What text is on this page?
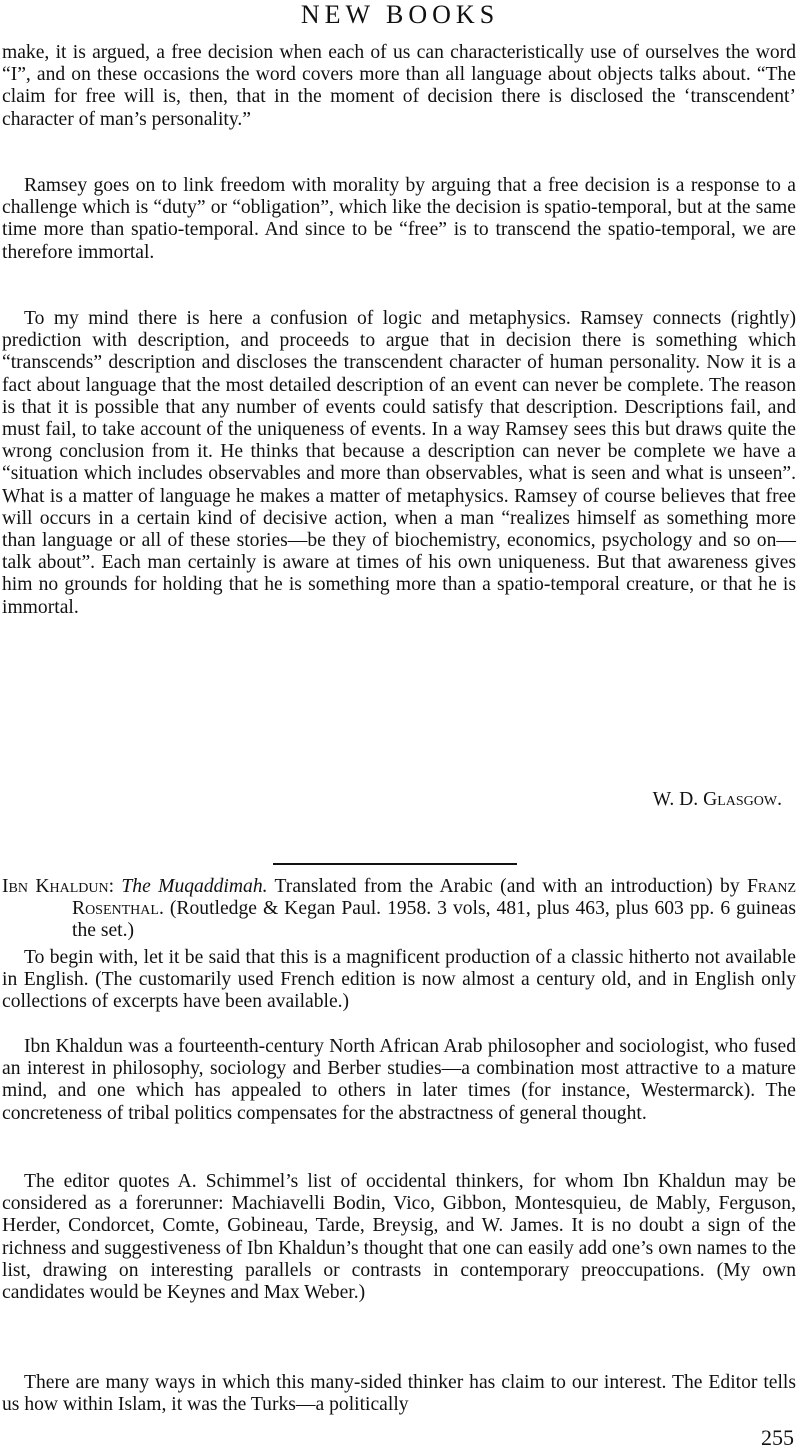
NEW BOOKS

make, it is argued, a free decision when each of us can characteristically use of ourselves the word “I”, and on these occasions the word covers more than all language about objects talks about. “The claim for free will is, then, that in the moment of decision there is disclosed the ‘transcendent’ character of man’s personality.”

Ramsey goes on to link freedom with morality by arguing that a free decision is a response to a challenge which is “duty” or “obligation”, which like the decision is spatio-temporal, but at the same time more than spatio-temporal. And since to be “free” is to transcend the spatio-temporal, we are therefore immortal.

To my mind there is here a confusion of logic and metaphysics. Ramsey connects (rightly) prediction with description, and proceeds to argue that in decision there is something which “transcends” description and discloses the transcendent character of human personality. Now it is a fact about language that the most detailed description of an event can never be complete. The reason is that it is possible that any number of events could satisfy that description. Descriptions fail, and must fail, to take account of the uniqueness of events. In a way Ramsey sees this but draws quite the wrong conclusion from it. He thinks that because a description can never be complete we have a “situation which includes observables and more than observables, what is seen and what is unseen”. What is a matter of language he makes a matter of metaphysics. Ramsey of course believes that free will occurs in a certain kind of decisive action, when a man “realizes himself as something more than language or all of these stories—be they of biochemistry, economics, psychology and so on—talk about”. Each man certainly is aware at times of his own uniqueness. But that awareness gives him no grounds for holding that he is something more than a spatio-temporal creature, or that he is immortal.

W. D. Glasgow.
Ibn Khaldun: The Muqaddimah. Translated from the Arabic (and with an introduction) by Franz Rosenthal. (Routledge & Kegan Paul. 1958. 3 vols, 481, plus 463, plus 603 pp. 6 guineas the set.)

To begin with, let it be said that this is a magnificent production of a classic hitherto not available in English. (The customarily used French edition is now almost a century old, and in English only collections of excerpts have been available.)

Ibn Khaldun was a fourteenth-century North African Arab philosopher and sociologist, who fused an interest in philosophy, sociology and Berber studies—a combination most attractive to a mature mind, and one which has appealed to others in later times (for instance, Westermarck). The concreteness of tribal politics compensates for the abstractness of general thought.

The editor quotes A. Schimmel’s list of occidental thinkers, for whom Ibn Khaldun may be considered as a forerunner: Machiavelli Bodin, Vico, Gibbon, Montesquieu, de Mably, Ferguson, Herder, Condorcet, Comte, Gobineau, Tarde, Breysig, and W. James. It is no doubt a sign of the richness and suggestiveness of Ibn Khaldun’s thought that one can easily add one’s own names to the list, drawing on interesting parallels or contrasts in contemporary preoccupations. (My own candidates would be Keynes and Max Weber.)

There are many ways in which this many-sided thinker has claim to our interest. The Editor tells us how within Islam, it was the Turks—a politically

255
